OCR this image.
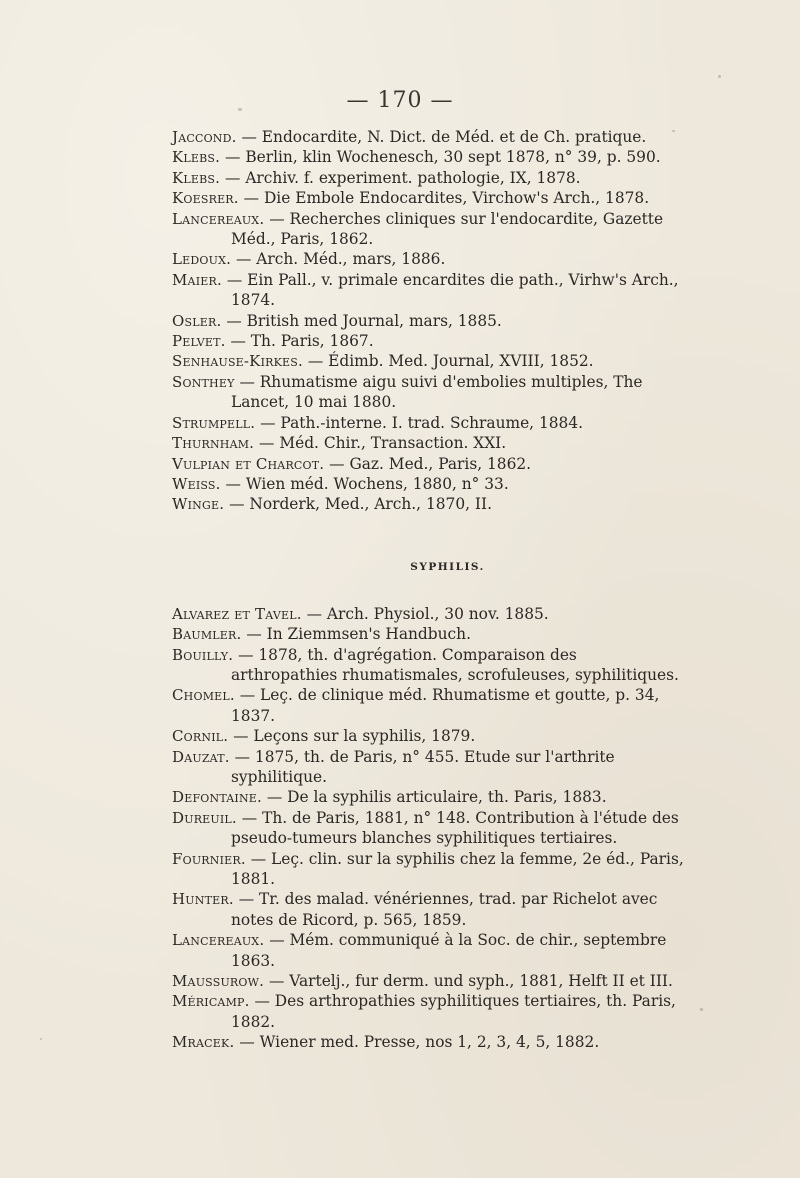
— 170 —

Jaccond. — Endocardite, N. Dict. de Méd. et de Ch. pratique.

Klebs. — Berlin, klin Wochenesch, 30 sept 1878, n° 39, p. 590.

Klebs. — Archiv. f. experiment. pathologie, IX, 1878.

Koesrer. — Die Embole Endocardites, Virchow's Arch., 1878.

Lancereaux. — Recherches cliniques sur l'endocardite, Gazette Méd., Paris, 1862.

Ledoux. — Arch. Méd., mars, 1886.

Maier. — Ein Pall., v. primale encardites die path., Virhw's Arch., 1874.

Osler. — British med Journal, mars, 1885.

Pelvet. — Th. Paris, 1867.

Senhause-Kirkes. — Édimb. Med. Journal, XVIII, 1852.

Sonthey — Rhumatisme aigu suivi d'embolies multiples, The Lancet, 10 mai 1880.

Strumpell. — Path.-interne. I. trad. Schraume, 1884.

Thurnham. — Méd. Chir., Transaction. XXI.

Vulpian et Charcot. — Gaz. Med., Paris, 1862.

Weiss. — Wien méd. Wochens, 1880, n° 33.

Winge. — Norderk, Med., Arch., 1870, II.

SYPHILIS.

Alvarez et Tavel. — Arch. Physiol., 30 nov. 1885.

Baumler. — In Ziemmsen's Handbuch.

Bouilly. — 1878, th. d'agrégation. Comparaison des arthropathies rhumatismales, scrofuleuses, syphilitiques.

Chomel. — Leç. de clinique méd. Rhumatisme et goutte, p. 34, 1837.

Cornil. — Leçons sur la syphilis, 1879.

Dauzat. — 1875, th. de Paris, n° 455. Etude sur l'arthrite syphilitique.

Defontaine. — De la syphilis articulaire, th. Paris, 1883.

Dureuil. — Th. de Paris, 1881, n° 148. Contribution à l'étude des pseudo-tumeurs blanches syphilitiques tertiaires.

Fournier. — Leç. clin. sur la syphilis chez la femme, 2e éd., Paris, 1881.

Hunter. — Tr. des malad. vénériennes, trad. par Richelot avec notes de Ricord, p. 565, 1859.

Lancereaux. — Mém. communiqué à la Soc. de chir., septembre 1863.

Maussurow. — Vartelj., fur derm. und syph., 1881, Helft II et III.

Méricamp. — Des arthropathies syphilitiques tertiaires, th. Paris, 1882.

Mracek. — Wiener med. Presse, nos 1, 2, 3, 4, 5, 1882.
